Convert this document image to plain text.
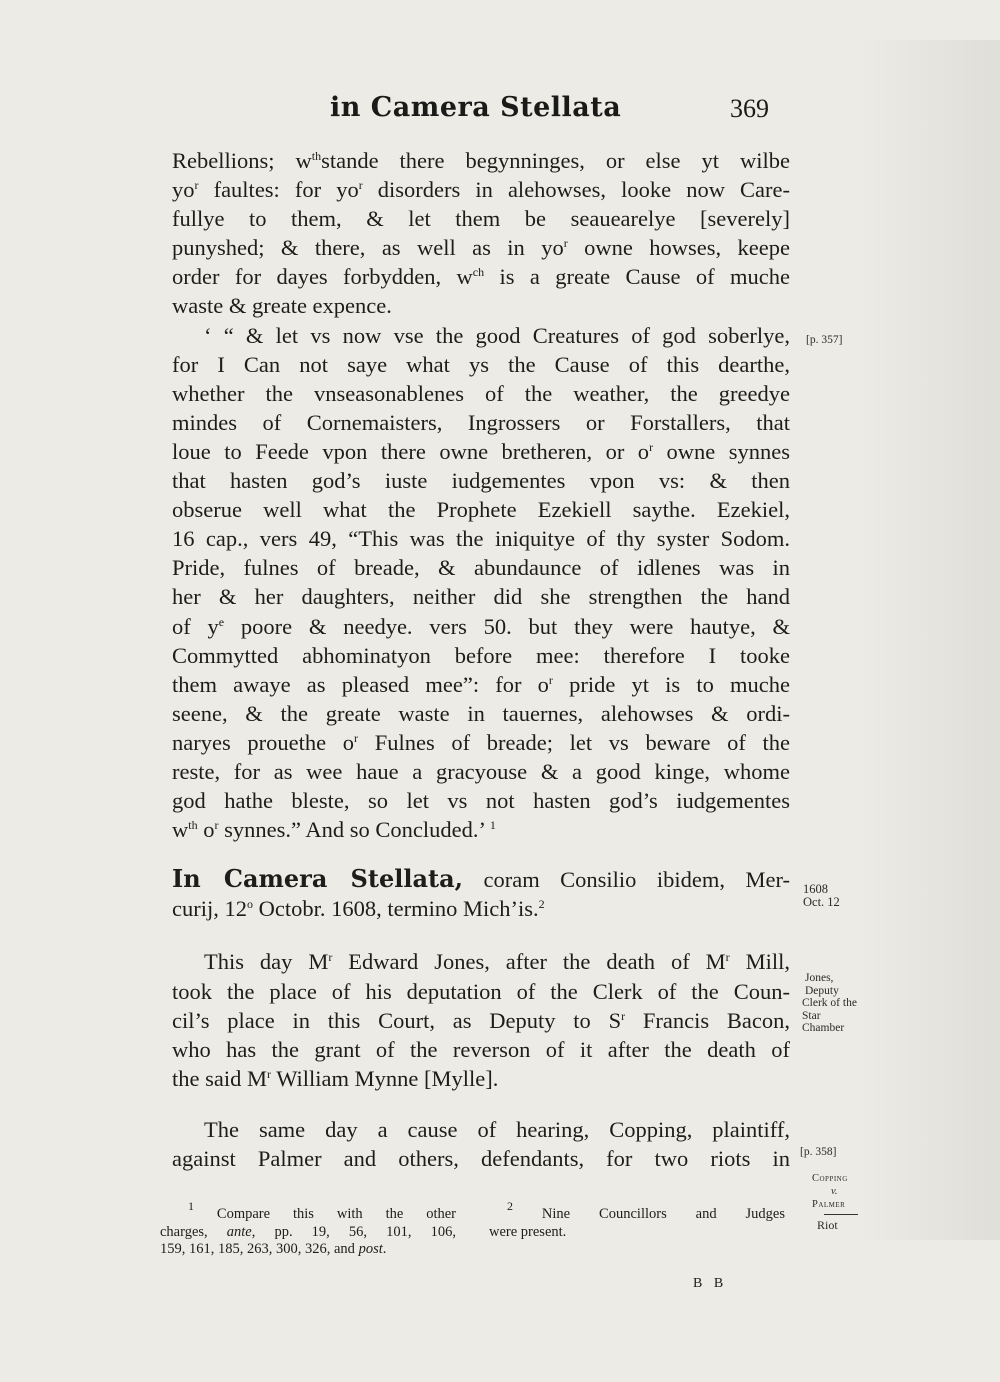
in Camera Stellata	369
Rebellions; $w^{th}stande$ there begynninges, or else yt wilbe
$yo^r$ faultes: for $yo^r$ disorders in alehowses, looke now Care-
fullye to them, & let them be seauearelye [severely]
punyshed; & there, as well as in $yo^r$ owne howses, keepe
order for dayes forbydden, $w^{ch}$ is a greate Cause of muche
waste & greate expence.
‘ “ & let vs now vse the good Creatures of god soberlye,
for I Can not saye what ys the Cause of this dearthe,
whether the vnseasonablenes of the weather, the greedye
mindes of Cornemaisters, Ingrossers or Forstallers, that
loue to Feede vpon there owne bretheren, or $o^r$ owne synnes
that hasten god’s iuste iudgementes vpon vs: & then
obserue well what the Prophete Ezekiell saythe. Ezekiel,
16 cap., vers 49, “This was the iniquitye of thy syster Sodom.
Pride, fulnes of breade, & abundaunce of idlenes was in
her & her daughters, neither did she strengthen the hand
of $y^e$ poore & needye. vers 50. but they were hautye, &
Commytted abhominatyon before mee: therefore I tooke
them awaye as pleased mee”: for $o^r$ pride yt is to muche
seene, & the greate waste in tauernes, alehowses & ordi-
naryes prouethe $o^r$ Fulnes of breade; let vs beware of the
reste, for as wee haue a gracyouse & a good kinge, whome
god hathe bleste, so let vs not hasten god’s iudgementes
$w^{th}$ $o^r$ synnes.” And so Concluded.’ $^1$
In Camera Stellata, coram Consilio ibidem, Mer-
curij, 12$^o$ Octobr. 1608, termino Mich’is.$^2$
This day $M^r$ Edward Jones, after the death of $M^r$ Mill,
took the place of his deputation of the Clerk of the Coun-
cil’s place in this Court, as Deputy to $S^r$ Francis Bacon,
who has the grant of the reverson of it after the death of
the said $M^r$ William Mynne [Mylle].
The same day a cause of hearing, Copping, plaintiff,
against Palmer and others, defendants, for two riots in
[p. 357]
1608
Oct. 12
Jones,
Deputy
Clerk of the
Star
Chamber
[p. 358]
Copping
v.
Palmer
Riot
$^1$ Compare this with the other
charges, ante, pp. 19, 56, 101, 106,
159, 161, 185, 263, 300, 326, and post.
$^2$ Nine Councillors and Judges
were present.
B B
